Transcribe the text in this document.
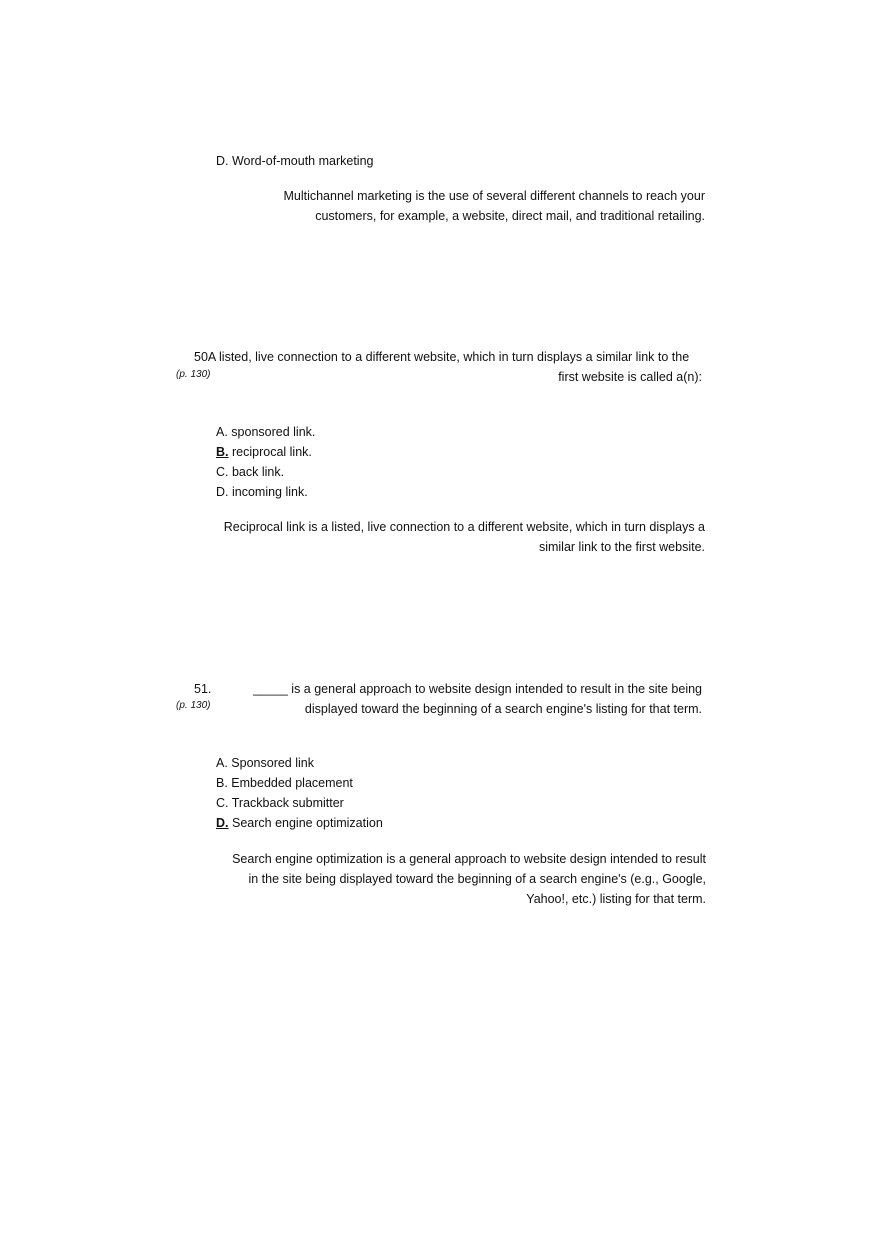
D. Word-of-mouth marketing
Multichannel marketing is the use of several different channels to reach your
customers, for example, a website, direct mail, and traditional retailing.
50A listed, live connection to a different website, which in turn displays a similar link to the
(p. 130)	first website is called a(n):
A. sponsored link.
B. reciprocal link.
C. back link.
D. incoming link.
Reciprocal link is a listed, live connection to a different website, which in turn displays a
similar link to the first website.
51.
(p. 130)
_____ is a general approach to website design intended to result in the site being
displayed toward the beginning of a search engine's listing for that term.
A. Sponsored link
B. Embedded placement
C. Trackback submitter
D. Search engine optimization
Search engine optimization is a general approach to website design intended to result
in the site being displayed toward the beginning of a search engine's (e.g., Google,
Yahoo!, etc.) listing for that term.
